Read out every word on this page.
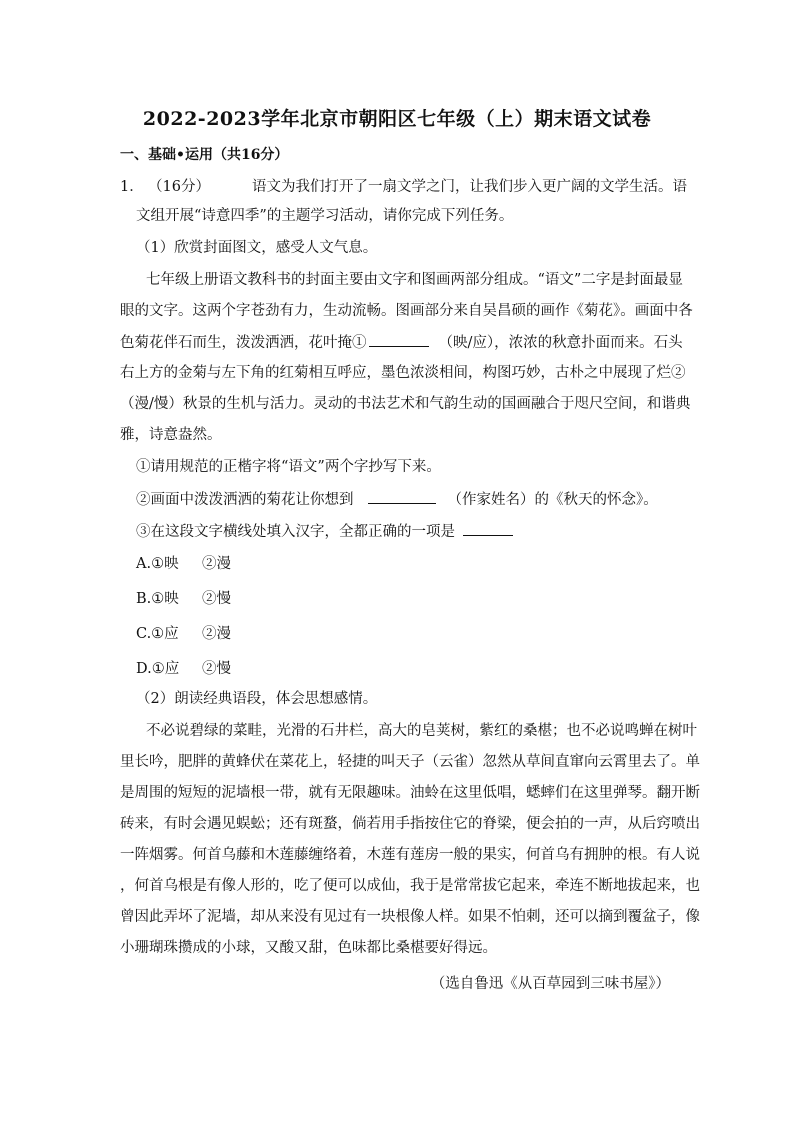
2022-2023学年北京市朝阳区七年级（上）期末语文试卷
一、基础•运用（共16分）
1． （16分）	语文为我们打开了一扇文学之门，让我们步入更广阔的文学生活。语
文组开展“诗意四季”的主题学习活动，请你完成下列任务。
（1）欣赏封面图文，感受人文气息。
七年级上册语文教科书的封面主要由文字和图画两部分组成。“语文”二字是封面最显
眼的文字。这两个字苍劲有力，生动流畅。图画部分来自吴昌硕的画作《菊花》。画面中各
色菊花伴石而生，泼泼洒洒，花叶掩①	（映/应），浓浓的秋意扑面而来。石头
右上方的金菊与左下角的红菊相互呼应，墨色浓淡相间，构图巧妙，古朴之中展现了烂②
（漫/慢）秋景的生机与活力。灵动的书法艺术和气韵生动的国画融合于咫尺空间，和谐典
雅，诗意盎然。
①请用规范的正楷字将“语文”两个字抄写下来。
②画面中泼泼洒洒的菊花让你想到	（作家姓名）的《秋天的怀念》。
③在这段文字横线处填入汉字，全都正确的一项是
A.①映 ②漫
B.①映 ②慢
C.①应 ②漫
D.①应 ②慢
（2）朗读经典语段，体会思想感情。
不必说碧绿的菜畦，光滑的石井栏，高大的皂荚树，紫红的桑椹；也不必说鸣蝉在树叶
里长吟，肥胖的黄蜂伏在菜花上，轻捷的叫天子（云雀）忽然从草间直窜向云霄里去了。单
是周围的短短的泥墙根一带，就有无限趣味。油蛉在这里低唱，蟋蟀们在这里弹琴。翻开断
砖来，有时会遇见蜈蚣；还有斑蝥，倘若用手指按住它的脊梁，便会拍的一声，从后窍喷出
一阵烟雾。何首乌藤和木莲藤缠络着，木莲有莲房一般的果实，何首乌有拥肿的根。有人说
，何首乌根是有像人形的，吃了便可以成仙，我于是常常拔它起来，牵连不断地拔起来，也
曾因此弄坏了泥墙，却从来没有见过有一块根像人样。如果不怕刺，还可以摘到覆盆子，像
小珊瑚珠攒成的小球，又酸又甜，色味都比桑椹要好得远。
（选自鲁迅《从百草园到三味书屋》）
